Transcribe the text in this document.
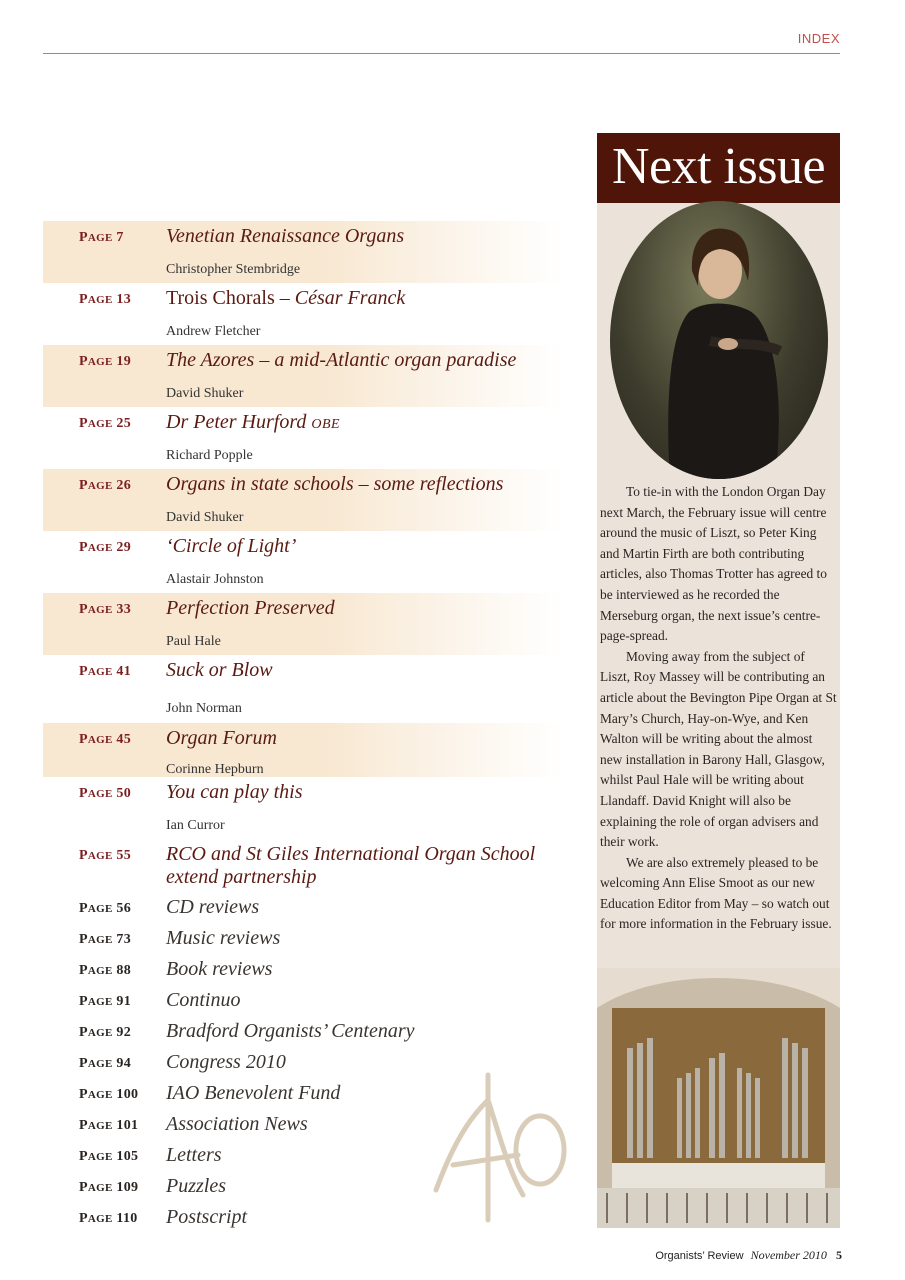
INDEX
PAGE 7 Venetian Renaissance Organs
Christopher Stembridge
PAGE 13 Trois Chorals – César Franck
Andrew Fletcher
PAGE 19 The Azores – a mid-Atlantic organ paradise
David Shuker
PAGE 25 Dr Peter Hurford OBE
Richard Popple
PAGE 26 Organs in state schools – some reflections
David Shuker
PAGE 29 ‘Circle of Light’
Alastair Johnston
PAGE 33 Perfection Preserved
Paul Hale
PAGE 41 Suck or Blow
John Norman
PAGE 45 Organ Forum
Corinne Hepburn
PAGE 50 You can play this
Ian Curror
PAGE 55 RCO and St Giles International Organ School
extend partnership
PAGE 56 CD reviews
PAGE 73 Music reviews
PAGE 88 Book reviews
PAGE 91 Continuo
PAGE 92 Bradford Organists’ Centenary
PAGE 94 Congress 2010
PAGE 100 IAO Benevolent Fund
PAGE 101 Association News
PAGE 105 Letters
PAGE 109 Puzzles
PAGE 110 Postscript
Next issue

To tie-in with the London Organ Day next March, the February issue will centre around the music of Liszt, so Peter King and Martin Firth are both contributing articles, also Thomas Trotter has agreed to be interviewed as he recorded the Merseburg organ, the next issue’s centre-page-spread.

Moving away from the subject of Liszt, Roy Massey will be contributing an article about the Bevington Pipe Organ at St Mary’s Church, Hay-on-Wye, and Ken Walton will be writing about the almost new installation in Barony Hall, Glasgow, whilst Paul Hale will be writing about Llandaff. David Knight will also be explaining the role of organ advisers and their work.

We are also extremely pleased to be welcoming Ann Elise Smoot as our new Education Editor from May – so watch out for more information in the February issue.

Organists’ Review November 2010 5
